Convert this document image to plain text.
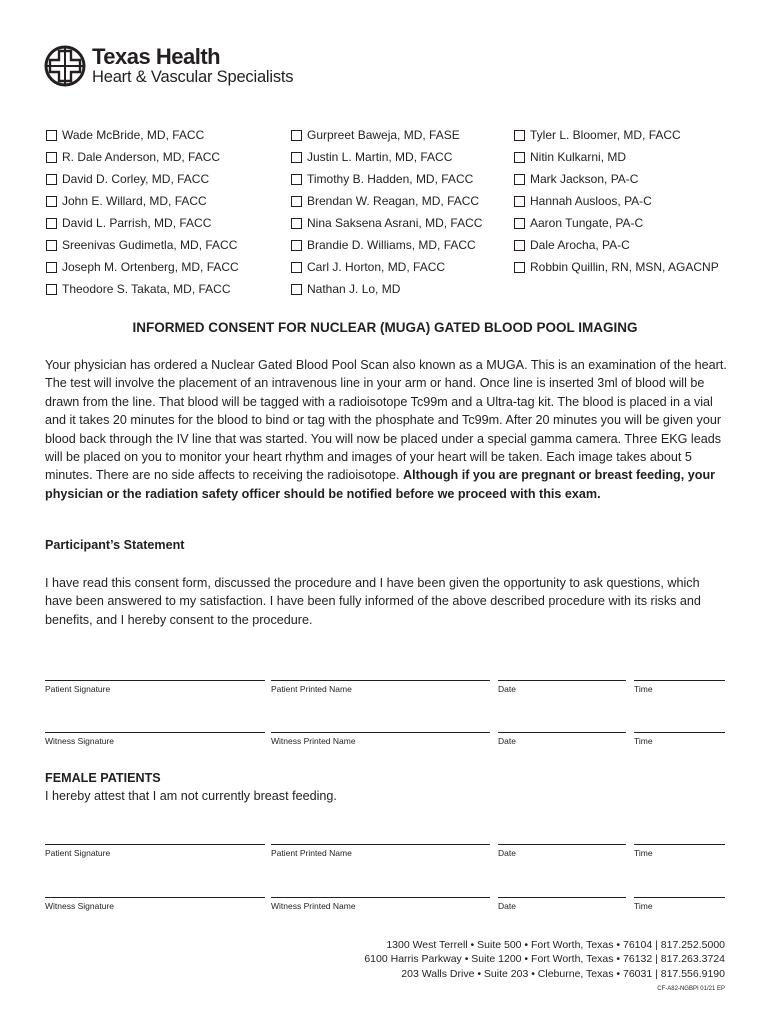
Texas Health
Heart & Vascular Specialists
Wade McBride, MD, FACC
R. Dale Anderson, MD, FACC
David D. Corley, MD, FACC
John E. Willard, MD, FACC
David L. Parrish, MD, FACC
Sreenivas Gudimetla, MD, FACC
Joseph M. Ortenberg, MD, FACC
Theodore S. Takata, MD, FACC
Gurpreet Baweja, MD, FASE
Justin L. Martin, MD, FACC
Timothy B. Hadden, MD, FACC
Brendan W. Reagan, MD, FACC
Nina Saksena Asrani, MD, FACC
Brandie D. Williams, MD, FACC
Carl J. Horton, MD, FACC
Nathan J. Lo, MD
Tyler L. Bloomer, MD, FACC
Nitin Kulkarni, MD
Mark Jackson, PA-C
Hannah Ausloos, PA-C
Aaron Tungate, PA-C
Dale Arocha, PA-C
Robbin Quillin, RN, MSN, AGACNP
INFORMED CONSENT FOR NUCLEAR (MUGA) GATED BLOOD POOL IMAGING

Your physician has ordered a Nuclear Gated Blood Pool Scan also known as a MUGA. This is an examination of the heart. The test will involve the placement of an intravenous line in your arm or hand. Once line is inserted 3ml of blood will be drawn from the line. That blood will be tagged with a radioisotope Tc99m and a Ultra-tag kit. The blood is placed in a vial and it takes 20 minutes for the blood to bind or tag with the phosphate and Tc99m. After 20 minutes you will be given your blood back through the IV line that was started. You will now be placed under a special gamma camera. Three EKG leads will be placed on you to monitor your heart rhythm and images of your heart will be taken. Each image takes about 5 minutes. There are no side affects to receiving the radioisotope. Although if you are pregnant or breast feeding, your physician or the radiation safety officer should be notified before we proceed with this exam.

Participant’s Statement

I have read this consent form, discussed the procedure and I have been given the opportunity to ask questions, which have been answered to my satisfaction. I have been fully informed of the above described procedure with its risks and benefits, and I hereby consent to the procedure.

Patient Signature	Patient Printed Name	Date	Time
Witness Signature	Witness Printed Name	Date	Time
FEMALE PATIENTS
I hereby attest that I am not currently breast feeding.
Patient Signature	Patient Printed Name	Date	Time
Witness Signature	Witness Printed Name	Date	Time
1300 West Terrell • Suite 500 • Fort Worth, Texas • 76104 | 817.252.5000
6100 Harris Parkway • Suite 1200 • Fort Worth, Texas • 76132 | 817.263.3724
203 Walls Drive • Suite 203 • Cleburne, Texas • 76031 | 817.556.9190
CF-A82-NGBPI 01/21 EP
